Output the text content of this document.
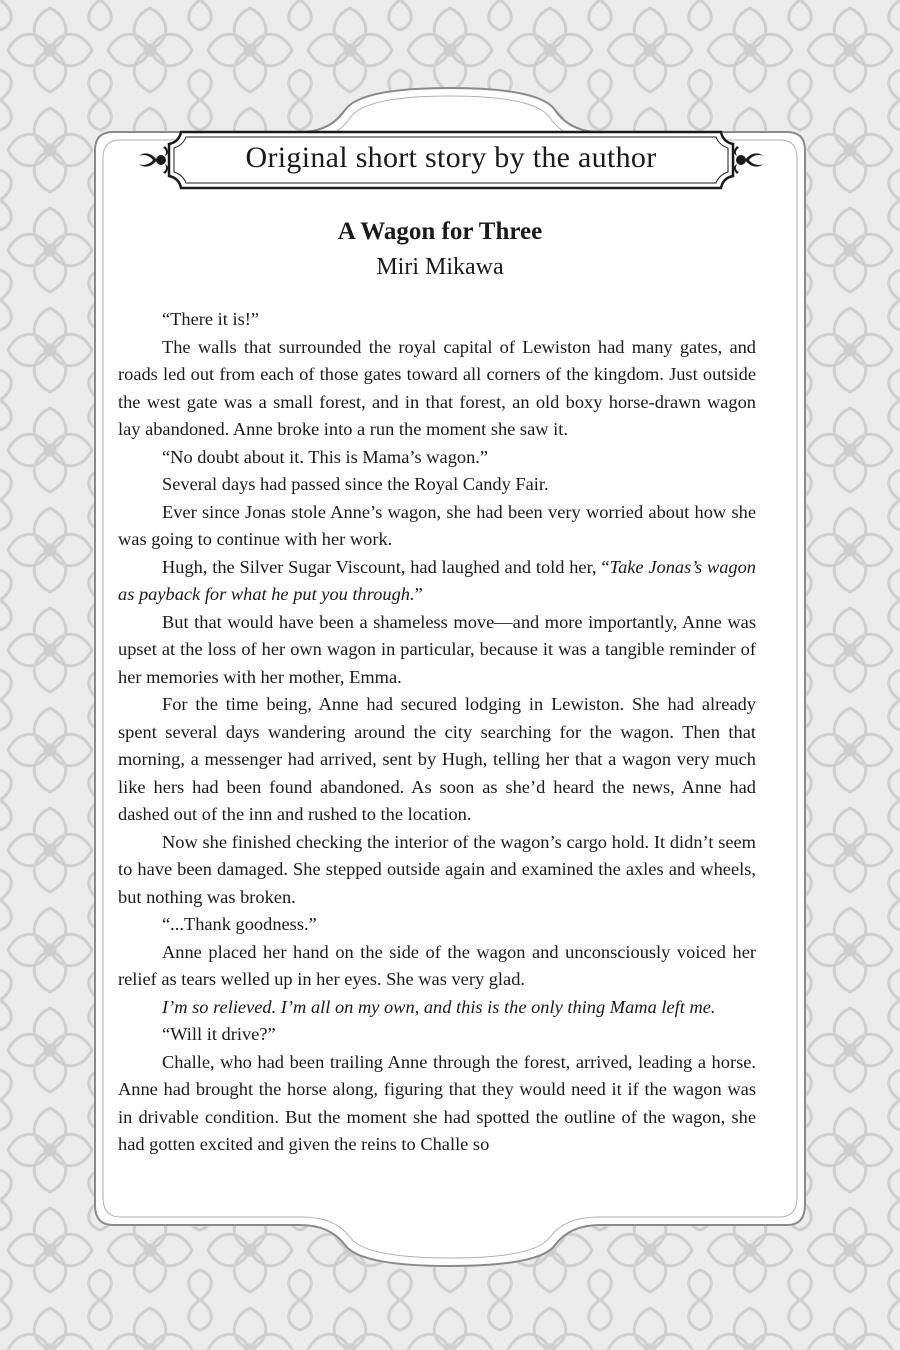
Original short story by the author
A Wagon for Three
Miri Mikawa

“There it is!”

The walls that surrounded the royal capital of Lewiston had many gates, and roads led out from each of those gates toward all corners of the kingdom. Just outside the west gate was a small forest, and in that forest, an old boxy horse-drawn wagon lay abandoned. Anne broke into a run the moment she saw it.

“No doubt about it. This is Mama’s wagon.”

Several days had passed since the Royal Candy Fair.

Ever since Jonas stole Anne’s wagon, she had been very worried about how she was going to continue with her work.

Hugh, the Silver Sugar Viscount, had laughed and told her, “Take Jonas’s wagon as payback for what he put you through.”

But that would have been a shameless move—and more importantly, Anne was upset at the loss of her own wagon in particular, because it was a tangible reminder of her memories with her mother, Emma.

For the time being, Anne had secured lodging in Lewiston. She had already spent several days wandering around the city searching for the wagon. Then that morning, a messenger had arrived, sent by Hugh, telling her that a wagon very much like hers had been found abandoned. As soon as she’d heard the news, Anne had dashed out of the inn and rushed to the location.

Now she finished checking the interior of the wagon’s cargo hold. It didn’t seem to have been damaged. She stepped outside again and examined the axles and wheels, but nothing was broken.

“...Thank goodness.”

Anne placed her hand on the side of the wagon and unconsciously voiced her relief as tears welled up in her eyes. She was very glad.

I’m so relieved. I’m all on my own, and this is the only thing Mama left me.

“Will it drive?”

Challe, who had been trailing Anne through the forest, arrived, leading a horse. Anne had brought the horse along, figuring that they would need it if the wagon was in drivable condition. But the moment she had spotted the outline of the wagon, she had gotten excited and given the reins to Challe so
